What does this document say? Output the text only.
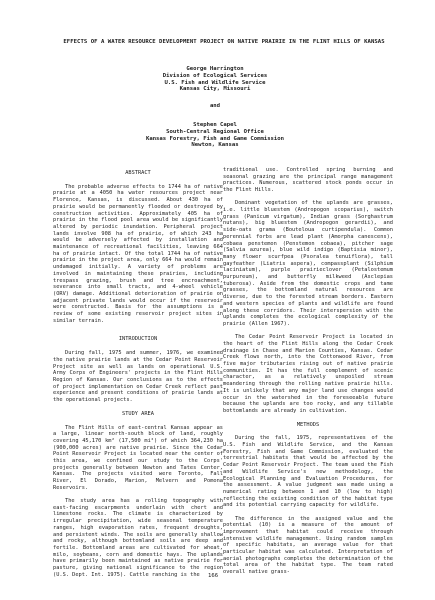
EFFECTS OF A WATER RESOURCE DEVELOPMENT PROJECT ON NATIVE PRAIRIE IN THE FLINT HILLS OF KANSAS
George Harrington
Division of Ecological Services
U.S. Fish and Wildlife Service
Kansas City, Missouri
and
Stephen Capel
South-Central Regional Office
Kansas Forestry, Fish and Game Commission
Newton, Kansas
ABSTRACT

The probable adverse effects to 1744 ha of native prairie at a 4050 ha water resources project near Florence, Kansas, is discussed. About 430 ha of prairie would be permanently flooded or destroyed by construction activities. Approximately 405 ha of prairie in the flood pool area would be significantly altered by periodic inundation. Peripheral project lands involve 908 ha of prairie, of which 243 ha would be adversely affected by installation and maintenance of recreational facilities, leaving 664 ha of prairie intact. Of the total 1744 ha of native prairie in the project area, only 664 ha would remain undamaged initially. A variety of problems are involved in maintaining these prairies, including trespass grazing, brush and tree encroachment, severance into small tracts, and 4-wheel vehicle (ORV) damage. Additional deterioration of prairie on adjacent private lands would occur if the reservoir were constructed. Basis for the assumptions is a review of some existing reservoir project sites in similar terrain.

INTRODUCTION

During fall, 1975 and summer, 1976, we examined the native prairie lands at the Cedar Point Reservoir Project site as well as lands on operational U.S. Army Corps of Engineers' projects in the Flint Hills Region of Kansas. Our conclusions as to the effects of project implementation on Cedar Creek reflect past experience and present conditions of prairie lands at the operational projects.

STUDY AREA

The Flint Hills of east-central Kansas appear as a large, linear north-south block of land, roughly covering 45,170 km² (17,500 mi²) of which 364,230 ha (900,000 acres) are native prairie. Since the Cedar Point Reservoir Project is located near the center of this area, we confined our study to the Corps' projects generally between Newton and Tates Center, Kansas. The projects visited were Toronto, Fall River, El Dorado, Marion, Melvern and Pomona Reservoirs.

The study area has a rolling topography with east-facing escarpments underlain with chert and limestone rocks. The climate is characterized by irregular precipitation, wide seasonal temperature ranges, high evaporation rates, frequent droughts, and persistent winds. The soils are generally shallow and rocky, although bottomland soils are deep and fertile. Bottomland areas are cultivated for wheat, milo, soybeans, corn and domestic hays. The uplands have primarily been maintained as native prairie for pasture, giving national significance to the region (U.S. Dept. Int. 1975). Cattle ranching is the

traditional use. Controlled spring burning and seasonal grazing are the principal range management practices. Numerous, scattered stock ponds occur in the Flint Hills.

Dominant vegetation of the uplands are grasses, i.e. little bluestem (Andropogon scoparius), switch grass (Panicum virgatum), Indian grass (Sorghastrum nutans), big bluestem (Andropogon gerardii), and side-oats grama (Bouteloua curtipendula). Common perennial forbs are lead plant (Amorpha canescens), cobaea penstemon (Penstemon cobaea), pitcher sage (Salvia azurea), blue wild indigo (Baptisia minor), many flower scurfpea (Psoralea tenuiflora), tall gayfeather (Liatris aspera), compassplant (Silphium laciniatum), purple prairieclover (Petalostemum purpureum), and butterfly milkweed (Asclepias tuberosa). Aside from the domestic crops and tame grasses, the bottomland natural resources are diverse, due to the forested stream borders. Eastern and western species of plants and wildlife are found along these corridors. Their interspersion with the uplands completes the ecological complexity of the prairie (Allen 1967).

The Cedar Point Reservoir Project is located in the heart of the Flint Hills along the Cedar Creek drainage in Chase and Marion Counties, Kansas. Cedar Creek flows north, into the Cottonwood River, from five major tributaries rising out of native prairie communities. It has the full complement of scenic character, as a relatively unspoiled stream meandering through the rolling native prairie hills. It is unlikely that any major land use changes would occur in the watershed in the foreseeable future because the uplands are too rocky, and any tillable bottomlands are already in cultivation.

METHODS

During the fall, 1975, representatives of the U.S. Fish and Wildlife Service, and the Kansas Forestry, Fish and Game Commission, evaluated the terrestrial habitats that would be affected by the Cedar Point Reservoir Project. The team used the Fish and Wildlife Service's new methodology, the Ecological Planning and Evaluation Procedures, for the assessment. A value judgment was made using a numerical rating between 1 and 10 (low to high) reflecting the existing condition of the habitat type and its potential carrying capacity for wildlife.

The difference in the assigned value and the potential (10) is a measure of the amount of improvement that habitat could receive through intensive wildlife management. Using random samples of specific habitats, an average value for that particular habitat was calculated. Interpretation of aerial photographs completes the determination of the total area of the habitat type. The team rated overall native grass-

166
